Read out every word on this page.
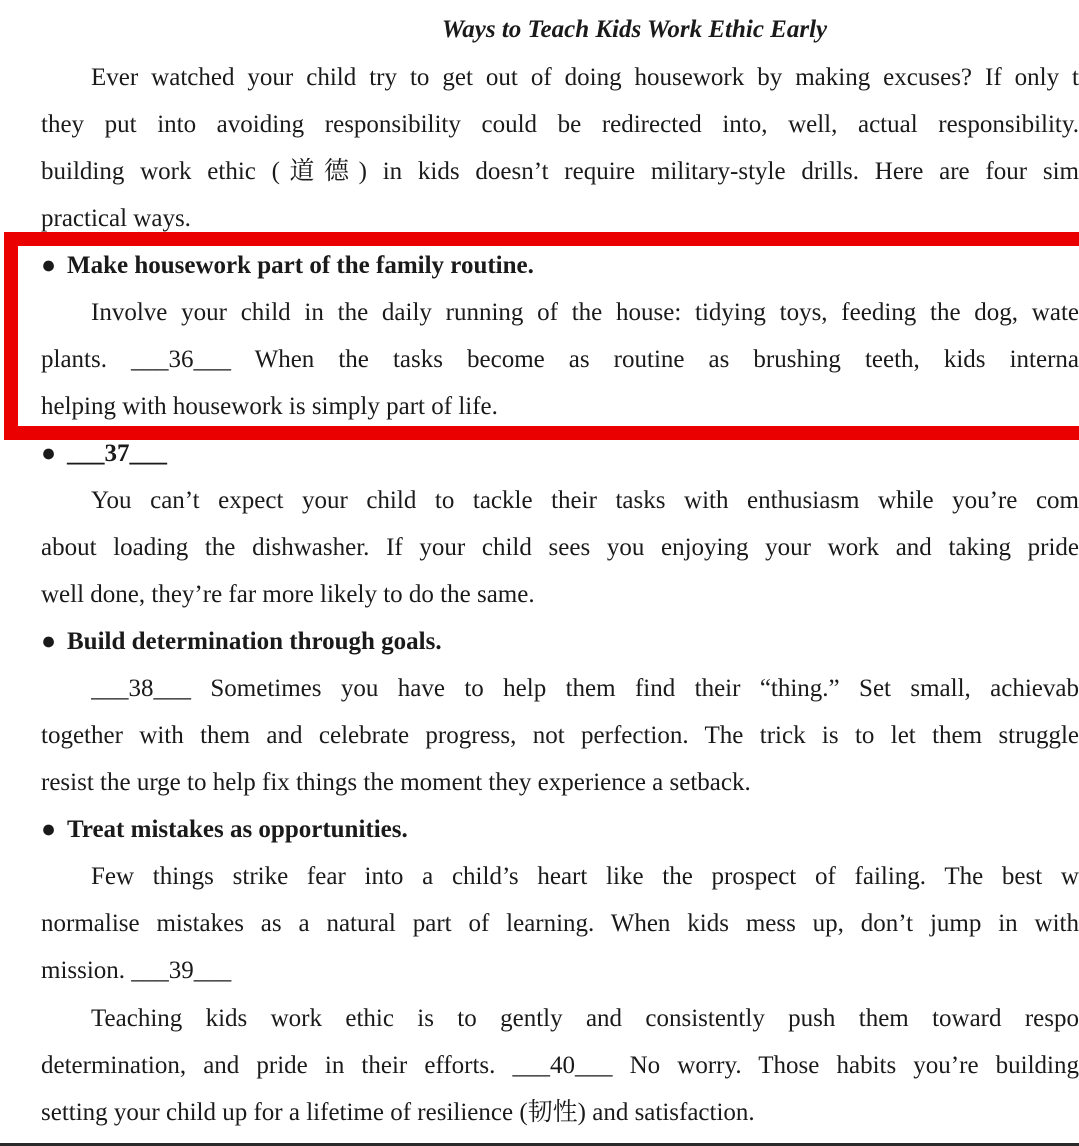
Ways to Teach Kids Work Ethic Early
Ever watched your child try to get out of doing housework by making excuses? If only t
they put into avoiding responsibility could be redirected into, well, actual responsibility.
building work ethic (道德) in kids doesn’t require military-style drills. Here are four sim
practical ways.
● Make housework part of the family routine.
Involve your child in the daily running of the house: tidying toys, feeding the dog, wate
plants. ___36___ When the tasks become as routine as brushing teeth, kids interna
helping with housework is simply part of life.
● ___37___
You can’t expect your child to tackle their tasks with enthusiasm while you’re com
about loading the dishwasher. If your child sees you enjoying your work and taking pride
well done, they’re far more likely to do the same.
● Build determination through goals.
___38___ Sometimes you have to help them find their “thing.” Set small, achievab
together with them and celebrate progress, not perfection. The trick is to let them struggle
resist the urge to help fix things the moment they experience a setback.
● Treat mistakes as opportunities.
Few things strike fear into a child’s heart like the prospect of failing. The best w
normalise mistakes as a natural part of learning. When kids mess up, don’t jump in with
mission. ___39___
Teaching kids work ethic is to gently and consistently push them toward respo
determination, and pride in their efforts. ___40___ No worry. Those habits you’re building
setting your child up for a lifetime of resilience (韧性) and satisfaction.
